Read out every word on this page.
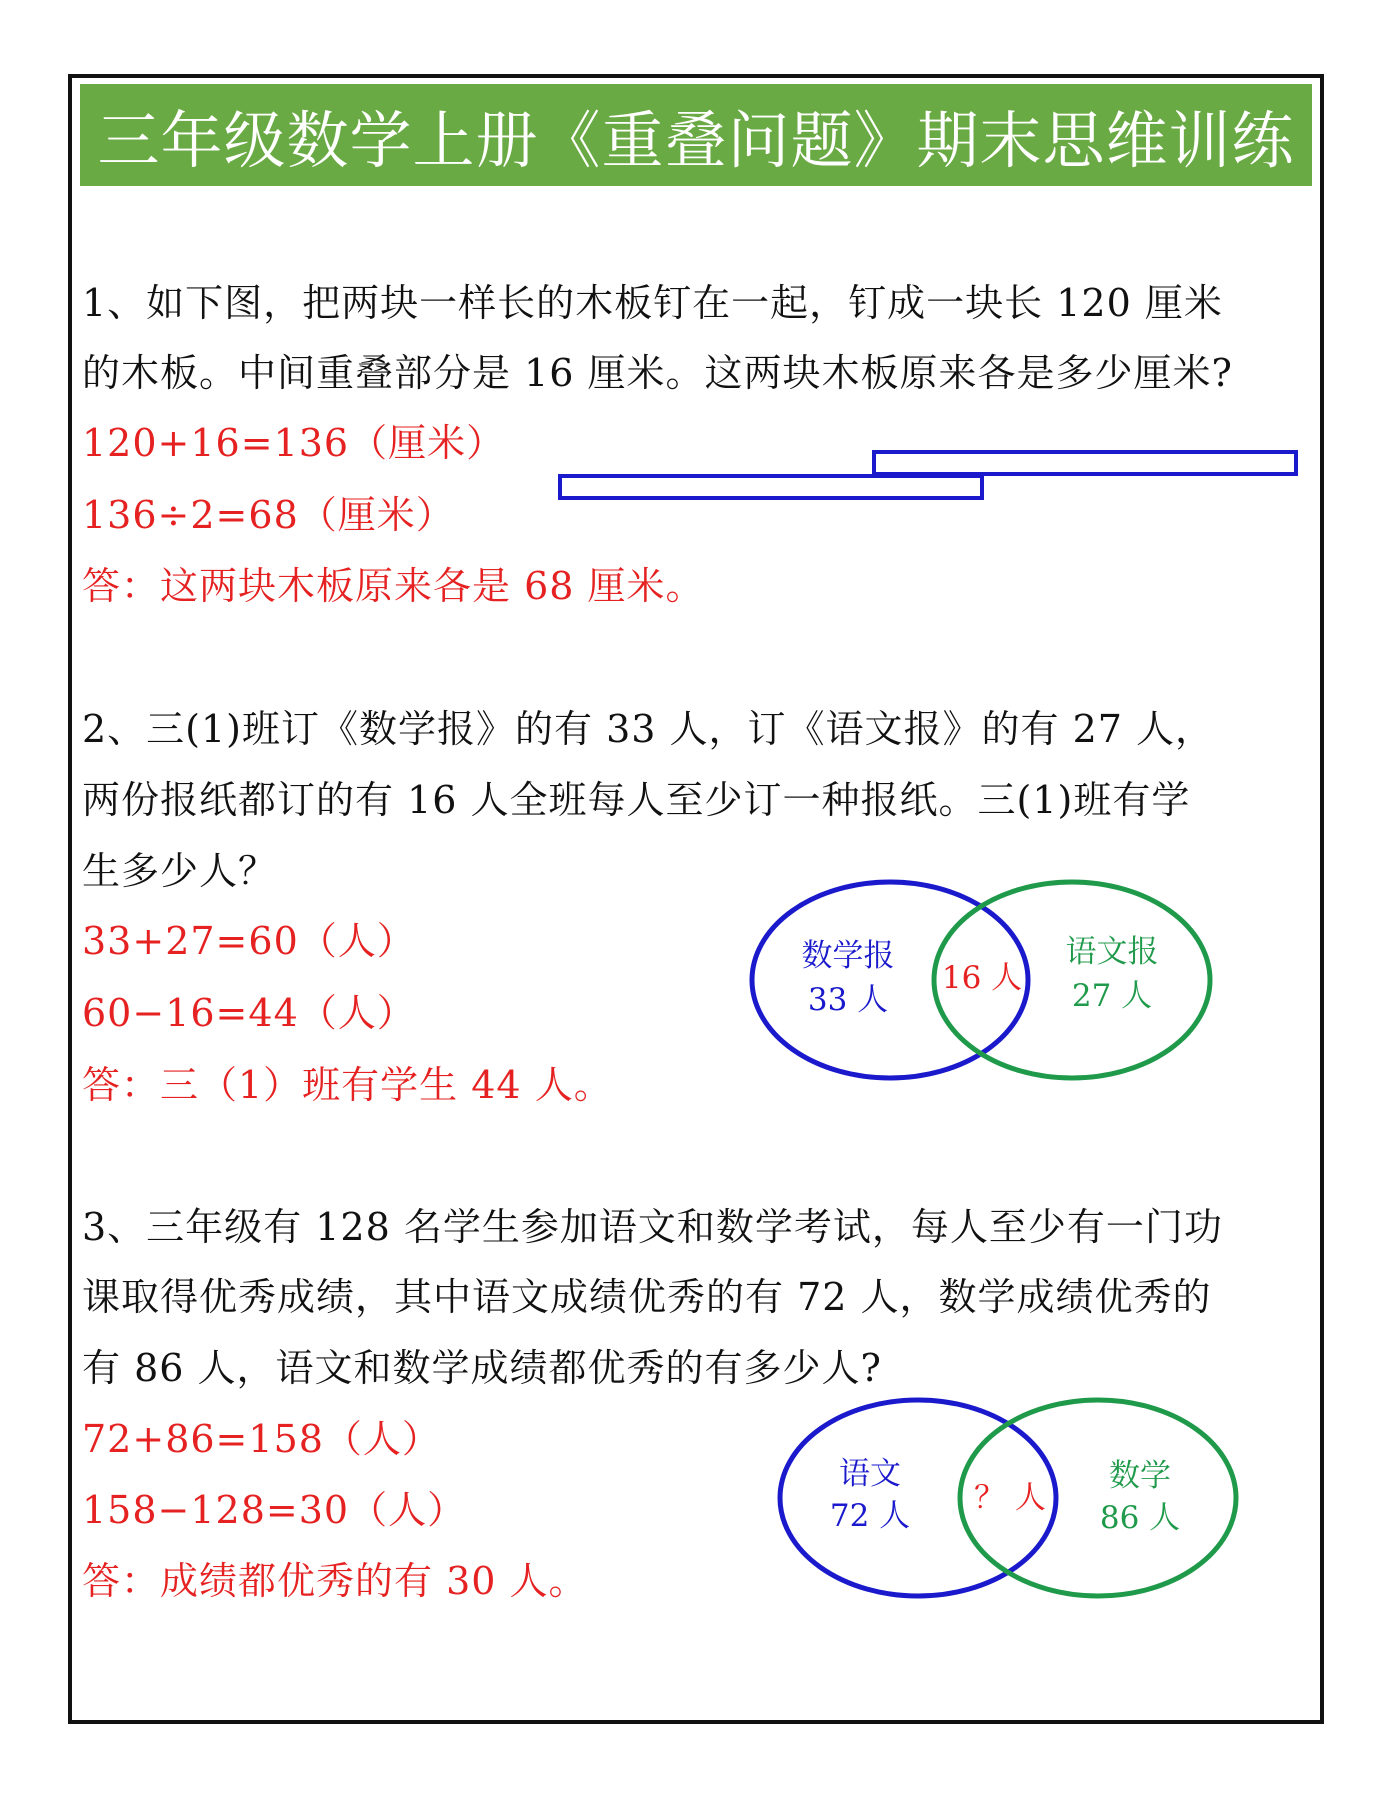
三年级数学上册《重叠问题》期末思维训练
1、如下图，把两块一样长的木板钉在一起，钉成一块长 120 厘米
的木板。中间重叠部分是 16 厘米。这两块木板原来各是多少厘米?
120+16=136（厘米）
136÷2=68（厘米）
答：这两块木板原来各是 68 厘米。
2、三(1)班订《数学报》的有 33 人，订《语文报》的有 27 人，
两份报纸都订的有 16 人全班每人至少订一种报纸。三(1)班有学
生多少人？
33+27=60（人）
60−16=44（人）
答：三（1）班有学生 44 人。
数学报
33 人
16 人
语文报
27 人
3、三年级有 128 名学生参加语文和数学考试，每人至少有一门功
课取得优秀成绩，其中语文成绩优秀的有 72 人，数学成绩优秀的
有 86 人，语文和数学成绩都优秀的有多少人?
72+86=158（人）
158−128=30（人）
答：成绩都优秀的有 30 人。
语文
72 人 ？ 人
数学
86 人
